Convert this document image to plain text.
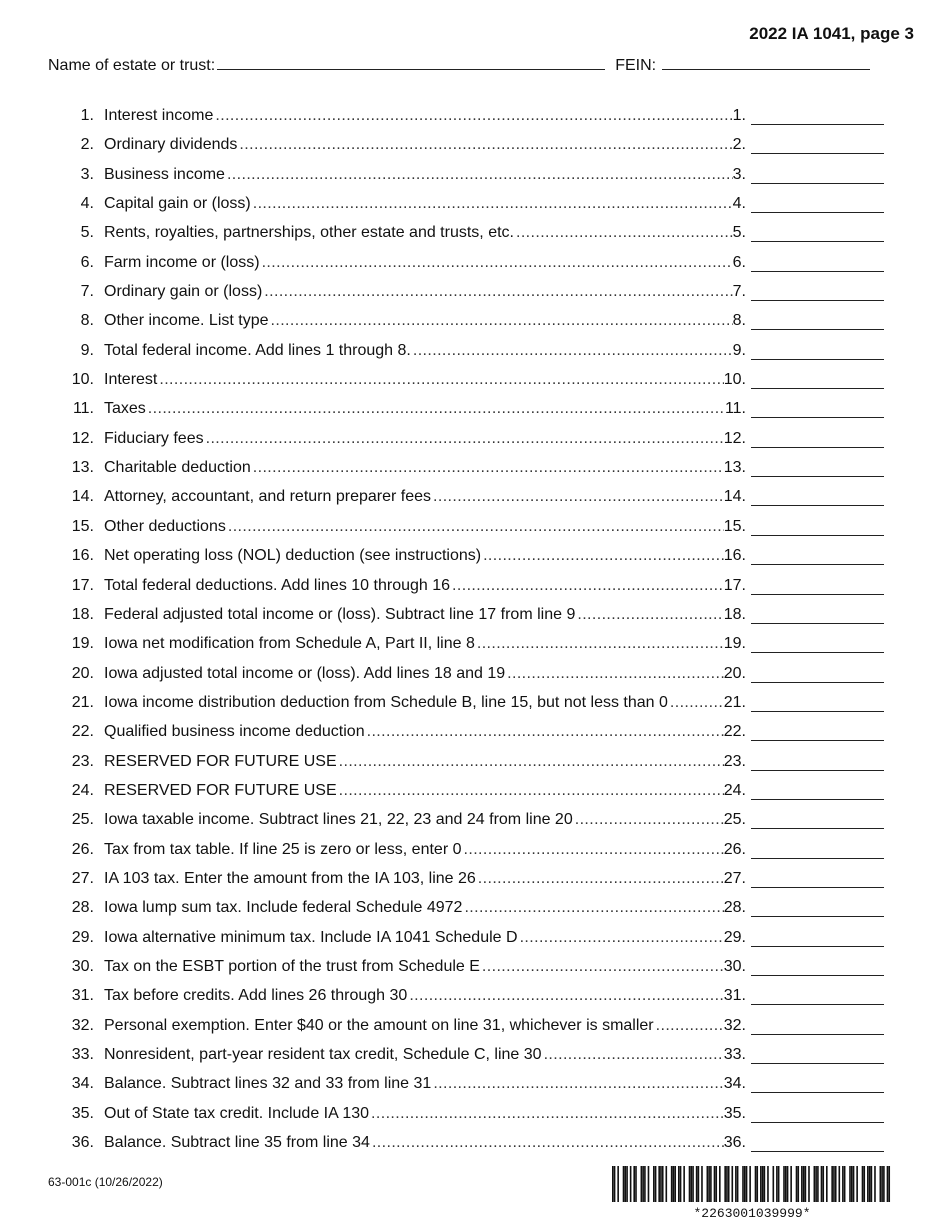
2022 IA 1041, page 3
Name of estate or trust:	FEIN:
1. Interest income .....	1.
2. Ordinary dividends .....	2.
3. Business income .....	3.
4. Capital gain or (loss) .....	4.
5. Rents, royalties, partnerships, other estate and trusts, etc. .....	5.
6. Farm income or (loss) .....	6.
7. Ordinary gain or (loss) .....	7.
8. Other income. List type .....	8.
9. Total federal income. Add lines 1 through 8. .....	9.
10. Interest .....	10.
11. Taxes .....	11.
12. Fiduciary fees .....	12.
13. Charitable deduction .....	13.
14. Attorney, accountant, and return preparer fees .....	14.
15. Other deductions .....	15.
16. Net operating loss (NOL) deduction (see instructions) .....	16.
17. Total federal deductions. Add lines 10 through 16 .....	17.
18. Federal adjusted total income or (loss). Subtract line 17 from line 9 .....	18.
19. Iowa net modification from Schedule A, Part II, line 8 .....	19.
20. Iowa adjusted total income or (loss). Add lines 18 and 19 .....	20.
21. Iowa income distribution deduction from Schedule B, line 15, but not less than 0 .....	21.
22. Qualified business income deduction .....	22.
23. RESERVED FOR FUTURE USE .....	23.
24. RESERVED FOR FUTURE USE .....	24.
25. Iowa taxable income. Subtract lines 21, 22, 23 and 24 from line 20 .....	25.
26. Tax from tax table. If line 25 is zero or less, enter 0 .....	26.
27. IA 103 tax. Enter the amount from the IA 103, line 26 .....	27.
28. Iowa lump sum tax. Include federal Schedule 4972 .....	28.
29. Iowa alternative minimum tax. Include IA 1041 Schedule D .....	29.
30. Tax on the ESBT portion of the trust from Schedule E .....	30.
31. Tax before credits. Add lines 26 through 30 .....	31.
32. Personal exemption. Enter $40 or the amount on line 31, whichever is smaller .....	32.
33. Nonresident, part-year resident tax credit, Schedule C, line 30 .....	33.
34. Balance. Subtract lines 32 and 33 from line 31 .....	34.
35. Out of State tax credit. Include IA 130 .....	35.
36. Balance. Subtract line 35 from line 34 .....	36.
63-001c (10/26/2022)
*2263001039999*
